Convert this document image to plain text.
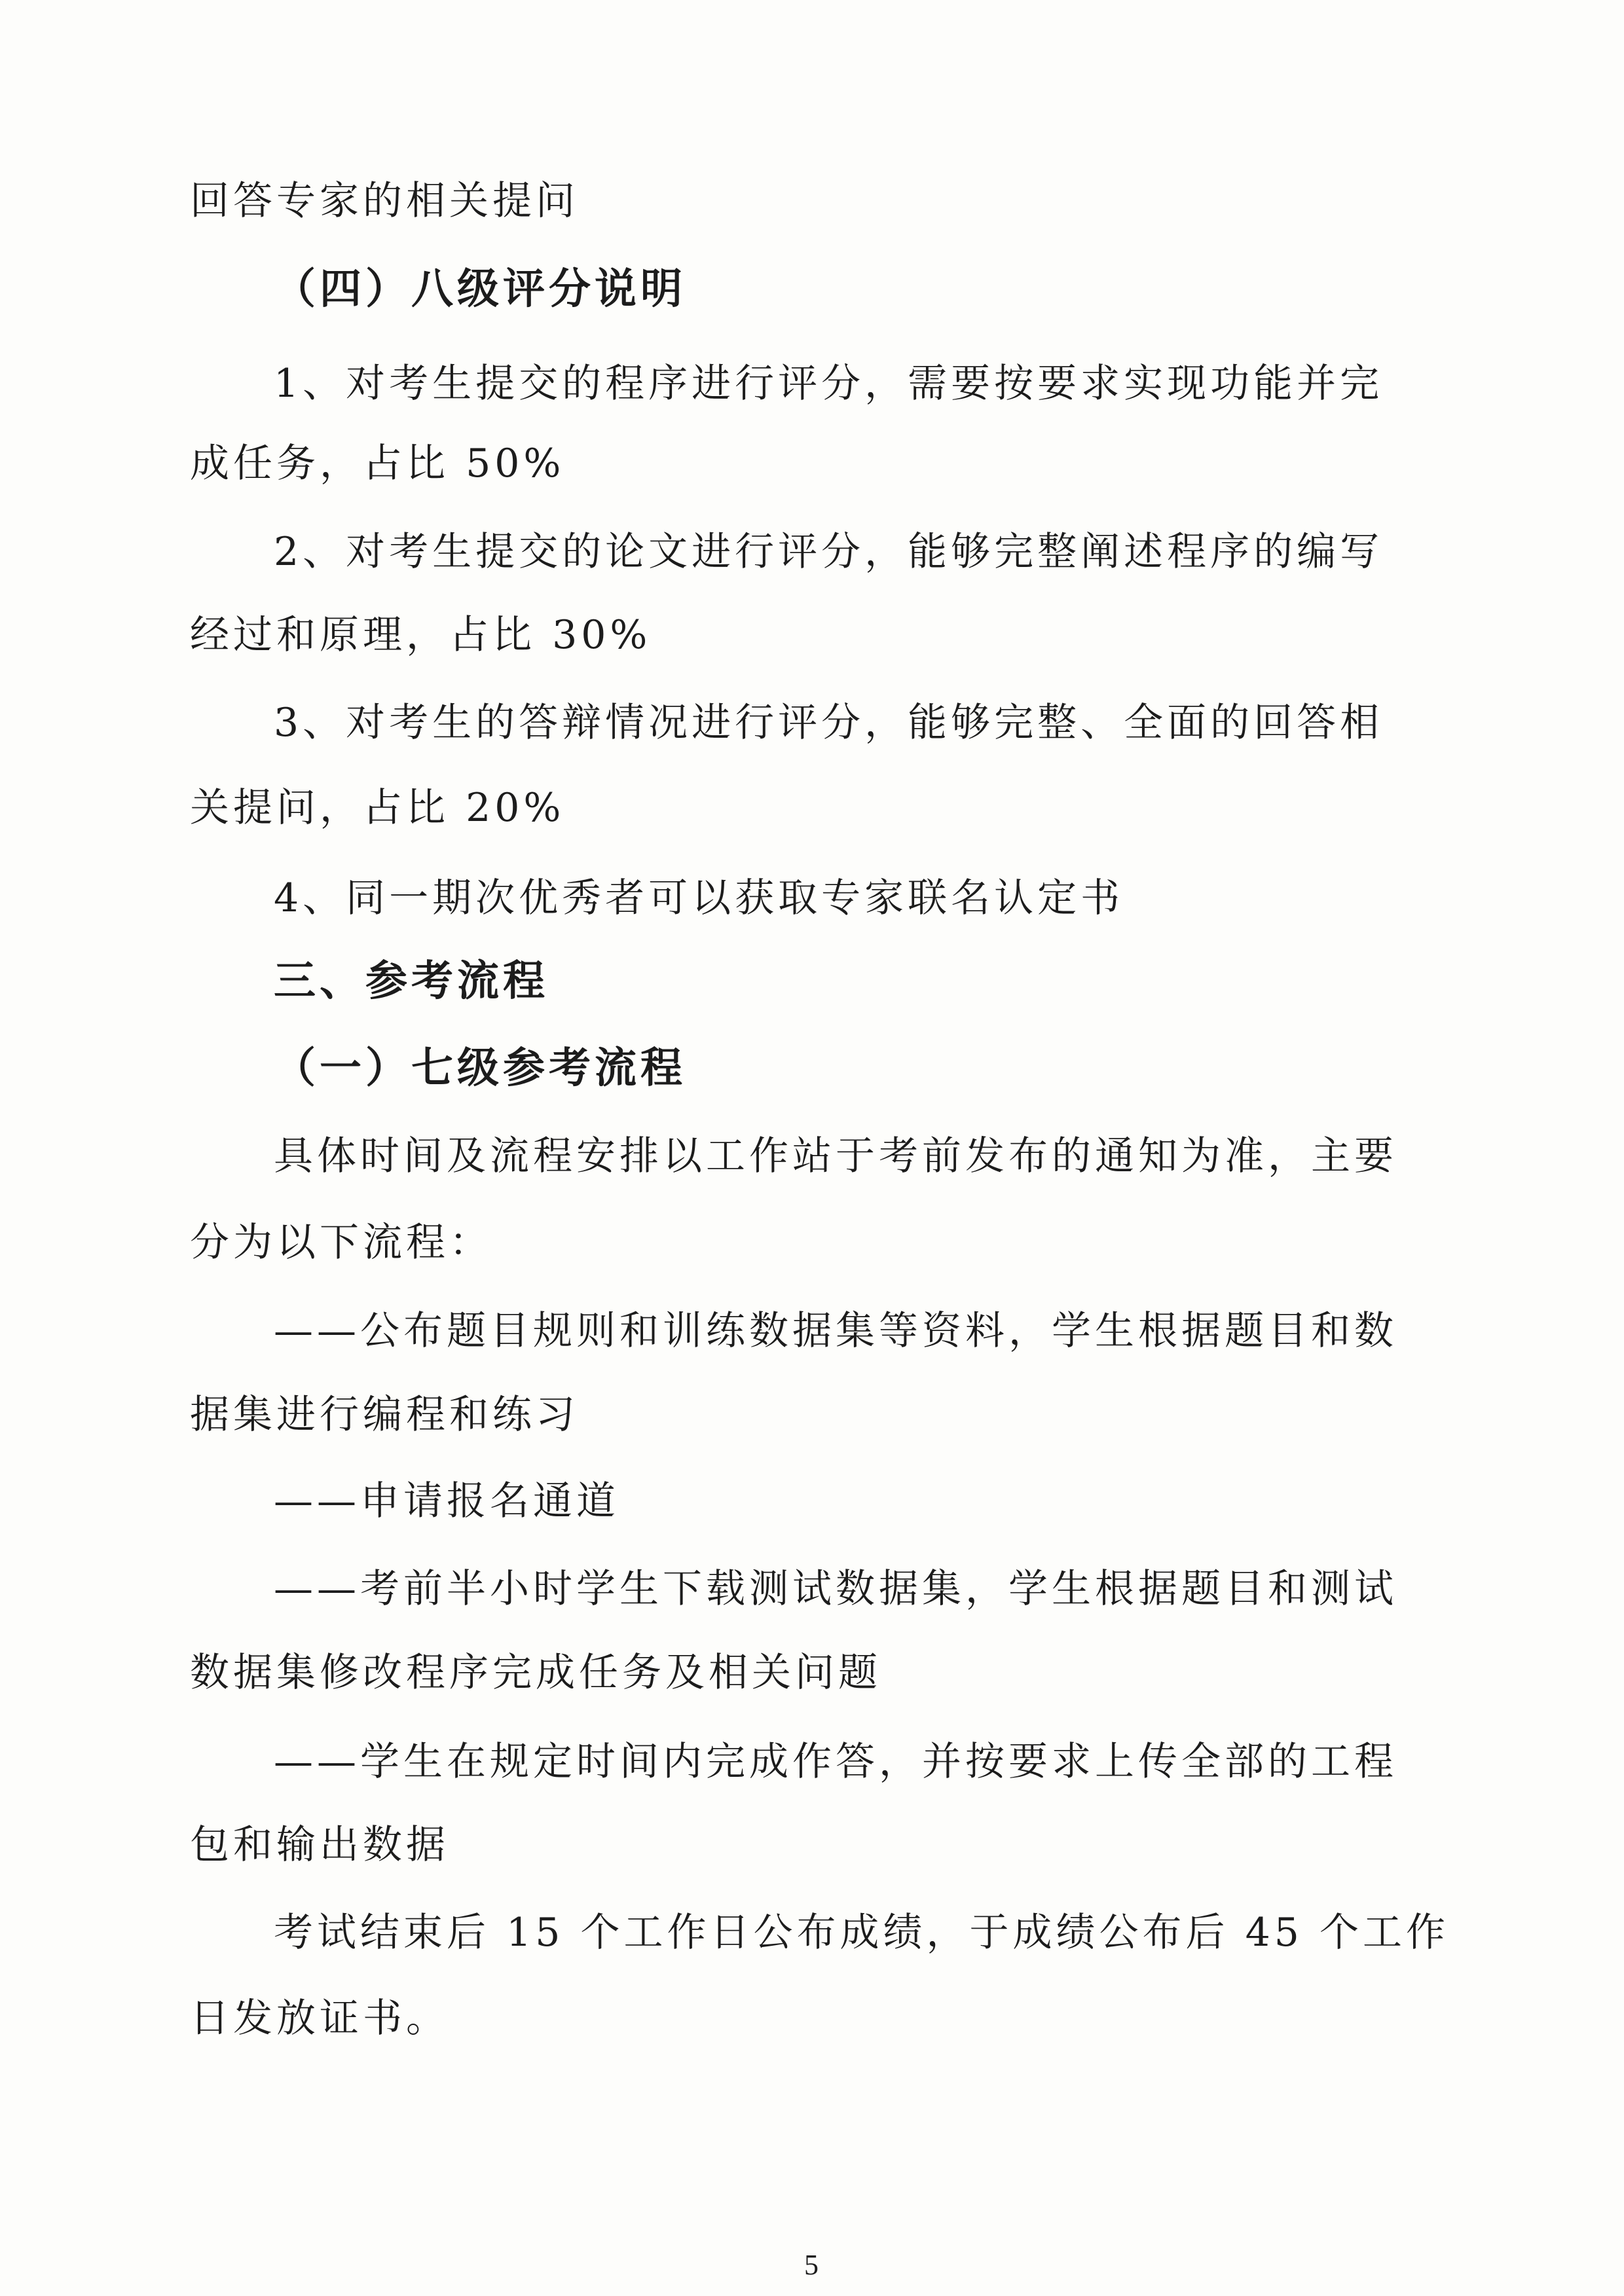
回答专家的相关提问
（四）八级评分说明
1、对考生提交的程序进行评分，需要按要求实现功能并完
成任务，占比 50%
2、对考生提交的论文进行评分，能够完整阐述程序的编写
经过和原理，占比 30%
3、对考生的答辩情况进行评分，能够完整、全面的回答相
关提问，占比 20%
4、同一期次优秀者可以获取专家联名认定书
三、参考流程
（一）七级参考流程
具体时间及流程安排以工作站于考前发布的通知为准，主要
分为以下流程：
——公布题目规则和训练数据集等资料，学生根据题目和数
据集进行编程和练习
——申请报名通道
——考前半小时学生下载测试数据集，学生根据题目和测试
数据集修改程序完成任务及相关问题
——学生在规定时间内完成作答，并按要求上传全部的工程
包和输出数据
考试结束后 15 个工作日公布成绩，于成绩公布后 45 个工作
日发放证书。
5
